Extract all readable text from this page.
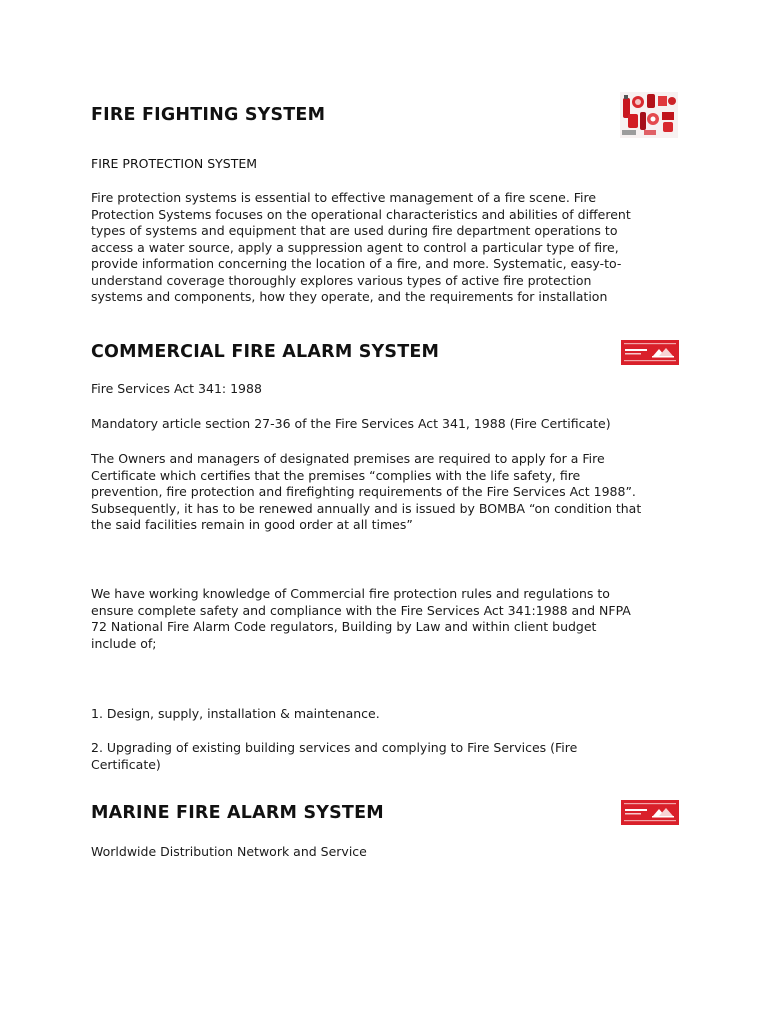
FIRE FIGHTING SYSTEM

FIRE PROTECTION SYSTEM

Fire protection systems is essential to effective management of a fire scene. Fire
Protection Systems focuses on the operational characteristics and abilities of different
types of systems and equipment that are used during fire department operations to
access a water source, apply a suppression agent to control a particular type of fire,
provide information concerning the location of a fire, and more. Systematic, easy-to-
understand coverage thoroughly explores various types of active fire protection
systems and components, how they operate, and the requirements for installation
COMMERCIAL FIRE ALARM SYSTEM

Fire Services Act 341: 1988

Mandatory article section 27-36 of the Fire Services Act 341, 1988 (Fire Certificate)

The Owners and managers of designated premises are required to apply for a Fire
Certificate which certifies that the premises “complies with the life safety, fire
prevention, fire protection and firefighting requirements of the Fire Services Act 1988”.
Subsequently, it has to be renewed annually and is issued by BOMBA “on condition that
the said facilities remain in good order at all times”
We have working knowledge of Commercial fire protection rules and regulations to
ensure complete safety and compliance with the Fire Services Act 341:1988 and NFPA
72 National Fire Alarm Code regulators, Building by Law and within client budget
include of;

1. Design, supply, installation & maintenance.

2. Upgrading of existing building services and complying to Fire Services (Fire
Certificate)
MARINE FIRE ALARM SYSTEM

Worldwide Distribution Network and Service
